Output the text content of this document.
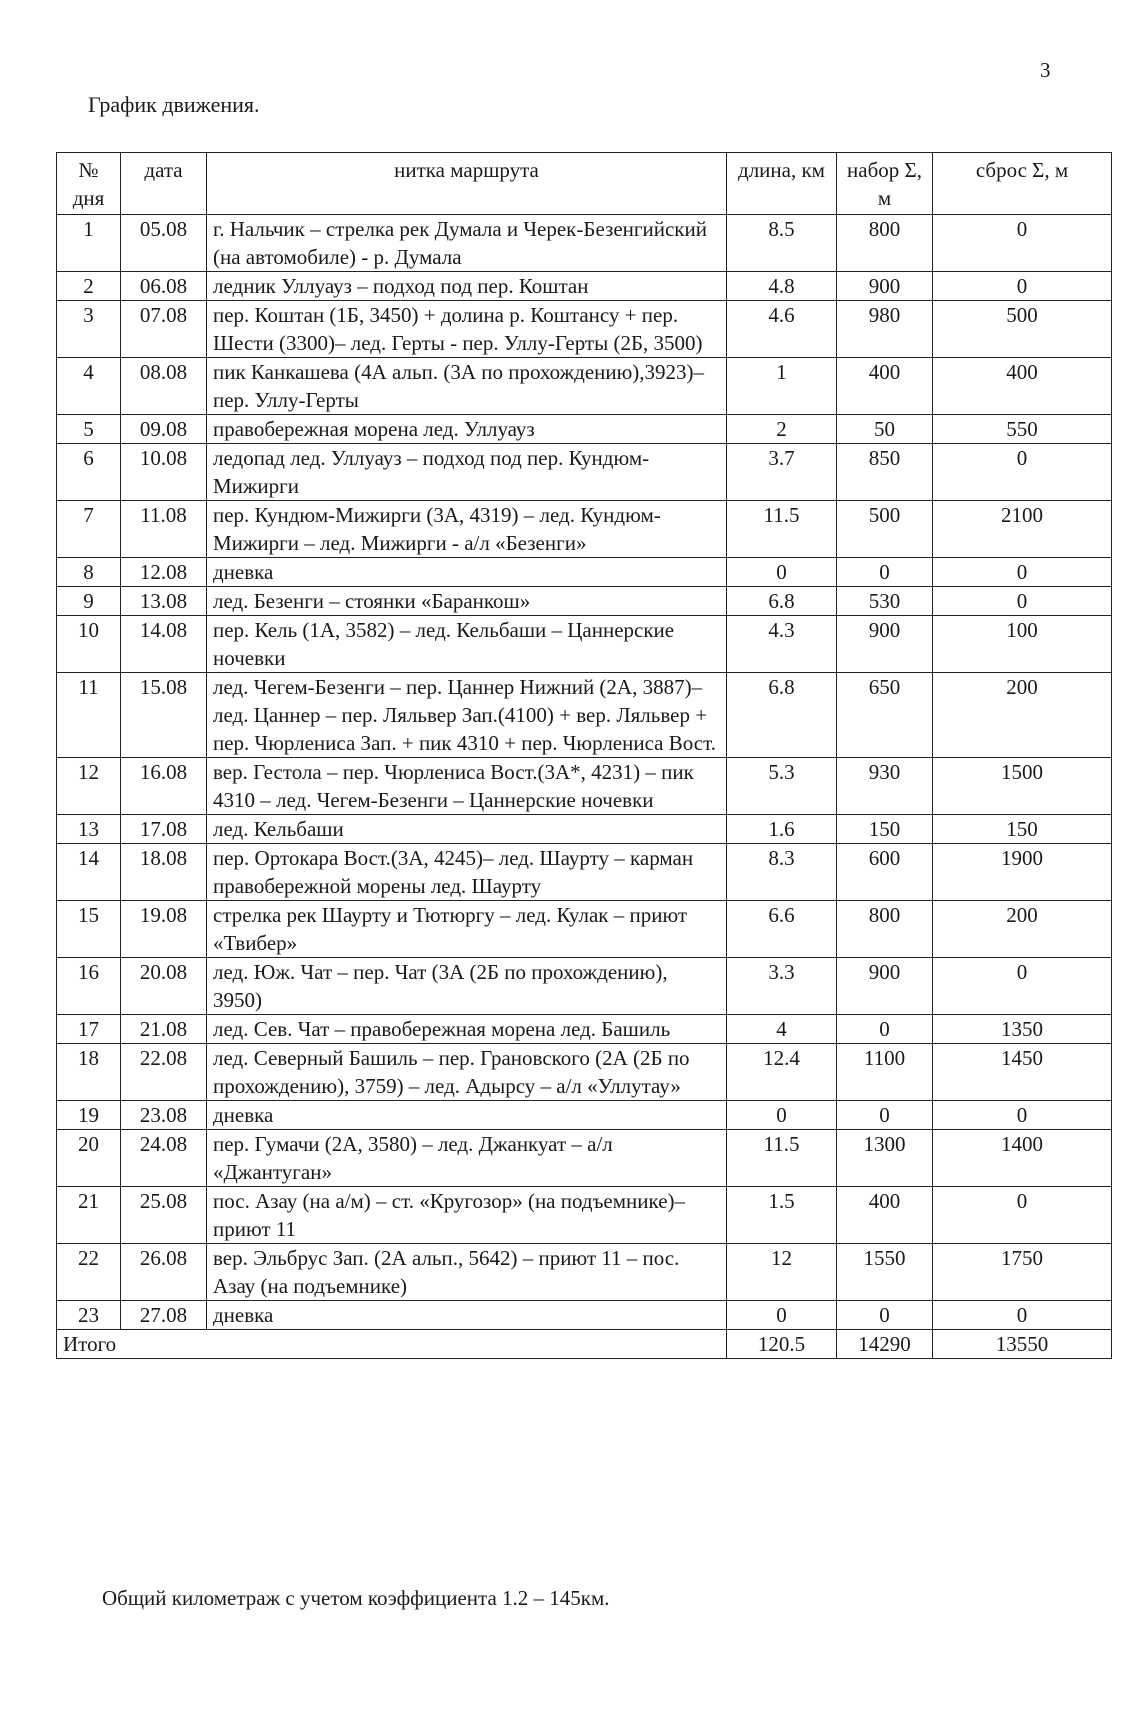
3
График движения.
№ дня	дата	нитка маршрута	длина, км	набор Σ, м	сброс Σ, м
1	05.08	г. Нальчик – стрелка рек Думала и Черек-Безенгийский (на автомобиле) - р. Думала	8.5	800	0
2	06.08	ледник Уллуауз – подход под пер. Коштан	4.8	900	0
3	07.08	пер. Коштан (1Б, 3450) + долина р. Коштансу + пер. Шести (3300)– лед. Герты - пер. Уллу-Герты (2Б, 3500)	4.6	980	500
4	08.08	пик Канкашева (4А альп. (3А по прохождению),3923)– пер. Уллу-Герты	1	400	400
5	09.08	правобережная морена лед. Уллуауз	2	50	550
6	10.08	ледопад лед. Уллуауз – подход под пер. Кундюм-Мижирги	3.7	850	0
7	11.08	пер. Кундюм-Мижирги (3А, 4319) – лед. Кундюм-Мижирги – лед. Мижирги - а/л «Безенги»	11.5	500	2100
8	12.08	дневка	0	0	0
9	13.08	лед. Безенги – стоянки «Баранкош»	6.8	530	0
10	14.08	пер. Кель (1А, 3582) – лед. Кельбаши – Цаннерские ночевки	4.3	900	100
11	15.08	лед. Чегем-Безенги – пер. Цаннер Нижний (2А, 3887)– лед. Цаннер – пер. Ляльвер Зап.(4100) + вер. Ляльвер + пер. Чюрлениса Зап. + пик 4310 + пер. Чюрлениса Вост.	6.8	650	200
12	16.08	вер. Гестола – пер. Чюрлениса Вост.(3А*, 4231) – пик 4310 – лед. Чегем-Безенги – Цаннерские ночевки	5.3	930	1500
13	17.08	лед. Кельбаши	1.6	150	150
14	18.08	пер. Ортокара Вост.(3А, 4245)– лед. Шаурту – карман правобережной морены лед. Шаурту	8.3	600	1900
15	19.08	стрелка рек Шаурту и Тютюргу – лед. Кулак – приют «Твибер»	6.6	800	200
16	20.08	лед. Юж. Чат – пер. Чат (3А (2Б по прохождению), 3950)	3.3	900	0
17	21.08	лед. Сев. Чат – правобережная морена лед. Башиль	4	0	1350
18	22.08	лед. Северный Башиль – пер. Грановского (2А (2Б по прохождению), 3759) – лед. Адырсу – а/л «Уллутау»	12.4	1100	1450
19	23.08	дневка	0	0	0
20	24.08	пер. Гумачи (2А, 3580) – лед. Джанкуат – а/л «Джантуган»	11.5	1300	1400
21	25.08	пос. Азау (на а/м) – ст. «Кругозор» (на подъемнике)– приют 11	1.5	400	0
22	26.08	вер. Эльбрус Зап. (2А альп., 5642) – приют 11 – пос. Азау (на подъемнике)	12	1550	1750
23	27.08	дневка	0	0	0
Итого			120.5	14290	13550
Общий километраж с учетом коэффициента 1.2 – 145км.
